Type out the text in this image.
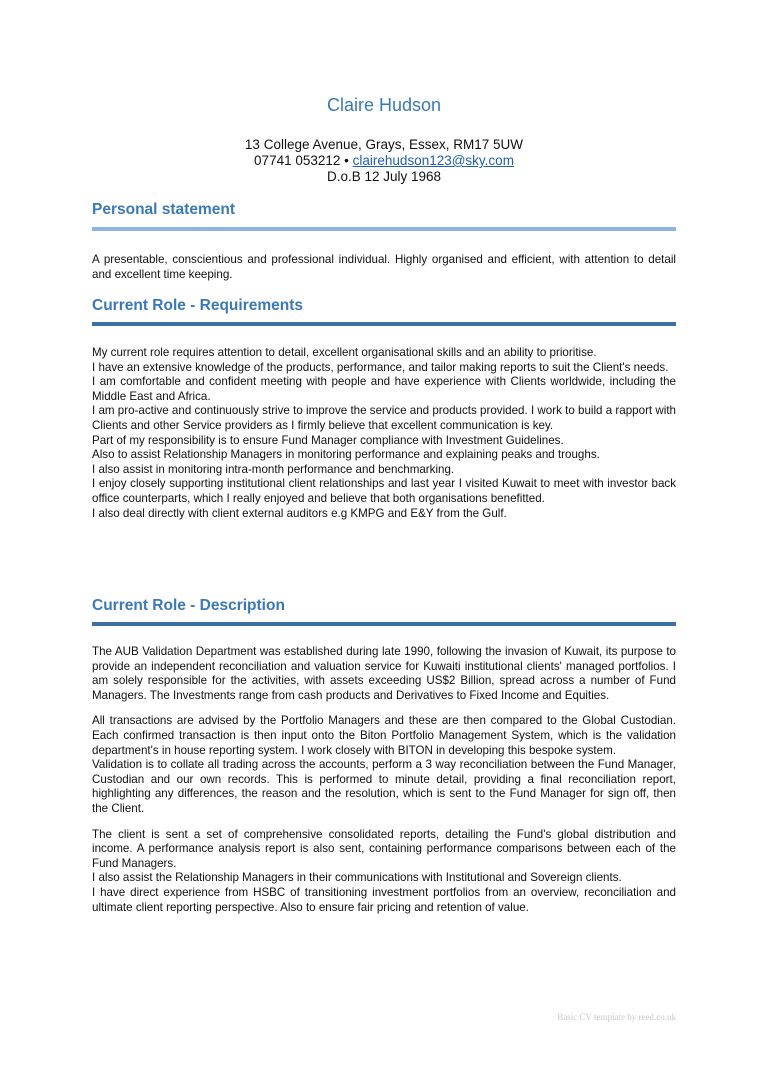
Claire Hudson
13 College Avenue, Grays, Essex, RM17 5UW
07741 053212 • clairehudson123@sky.com
D.o.B 12 July 1968
Personal statement

A presentable, conscientious and professional individual. Highly organised and efficient, with attention to detail and excellent time keeping.

Current Role - Requirements

My current role requires attention to detail, excellent organisational skills and an ability to prioritise.

I have an extensive knowledge of the products, performance, and tailor making reports to suit the Client's needs.

I am comfortable and confident meeting with people and have experience with Clients worldwide, including the Middle East and Africa.

I am pro-active and continuously strive to improve the service and products provided. I work to build a rapport with Clients and other Service providers as I firmly believe that excellent communication is key.

Part of my responsibility is to ensure Fund Manager compliance with Investment Guidelines.

Also to assist Relationship Managers in monitoring performance and explaining peaks and troughs.

I also assist in monitoring intra-month performance and benchmarking.

I enjoy closely supporting institutional client relationships and last year I visited Kuwait to meet with investor back office counterparts, which I really enjoyed and believe that both organisations benefitted.

I also deal directly with client external auditors e.g KMPG and E&Y from the Gulf.

Current Role - Description

The AUB Validation Department was established during late 1990, following the invasion of Kuwait, its purpose to provide an independent reconciliation and valuation service for Kuwaiti institutional clients' managed portfolios. I am solely responsible for the activities, with assets exceeding US$2 Billion, spread across a number of Fund Managers. The Investments range from cash products and Derivatives to Fixed Income and Equities.

All transactions are advised by the Portfolio Managers and these are then compared to the Global Custodian. Each confirmed transaction is then input onto the Biton Portfolio Management System, which is the validation department's in house reporting system. I work closely with BITON in developing this bespoke system.

Validation is to collate all trading across the accounts, perform a 3 way reconciliation between the Fund Manager, Custodian and our own records. This is performed to minute detail, providing a final reconciliation report, highlighting any differences, the reason and the resolution, which is sent to the Fund Manager for sign off, then the Client.

The client is sent a set of comprehensive consolidated reports, detailing the Fund's global distribution and income. A performance analysis report is also sent, containing performance comparisons between each of the Fund Managers.

I also assist the Relationship Managers in their communications with Institutional and Sovereign clients.

I have direct experience from HSBC of transitioning investment portfolios from an overview, reconciliation and ultimate client reporting perspective. Also to ensure fair pricing and retention of value.

Basic CV template by reed.co.uk
